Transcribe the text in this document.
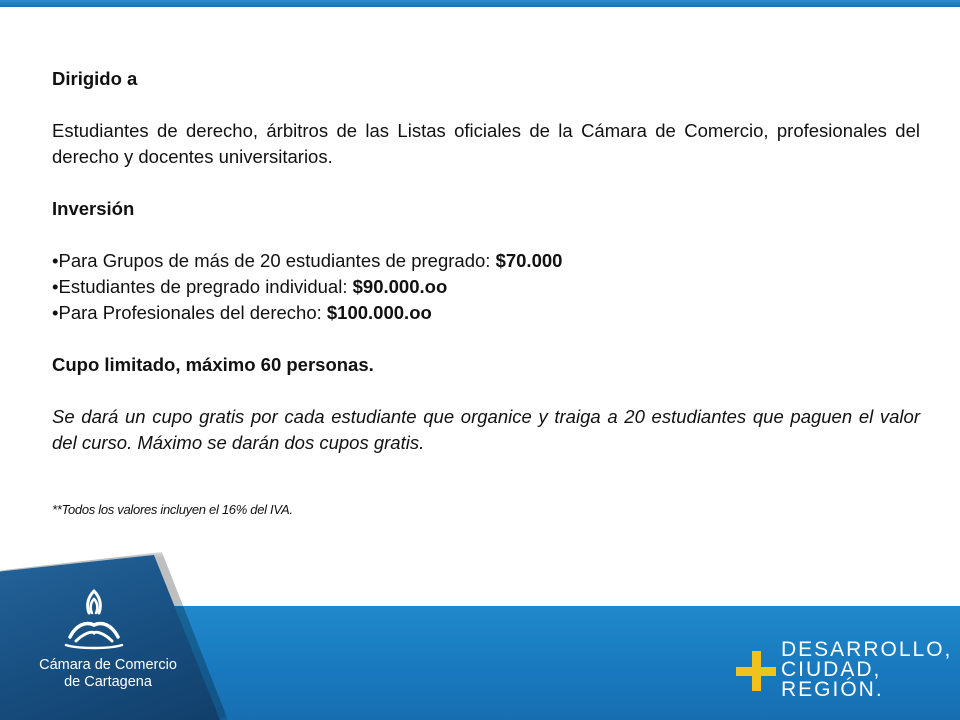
Dirigido a

Estudiantes de derecho, árbitros de las Listas oficiales de la Cámara de Comercio, profesionales del derecho y docentes universitarios.

Inversión

•Para Grupos de más de 20 estudiantes de pregrado: $70.000

•Estudiantes de pregrado individual: $90.000.oo

•Para Profesionales del derecho: $100.000.oo

Cupo limitado, máximo 60 personas.

Se dará un cupo gratis por cada estudiante que organice y traiga a 20 estudiantes que paguen el valor del curso. Máximo se darán dos cupos gratis.

**Todos los valores incluyen el 16% del IVA.

Cámara de Comercio
de Cartagena
DESARROLLO,
CIUDAD,
REGIÓN.
